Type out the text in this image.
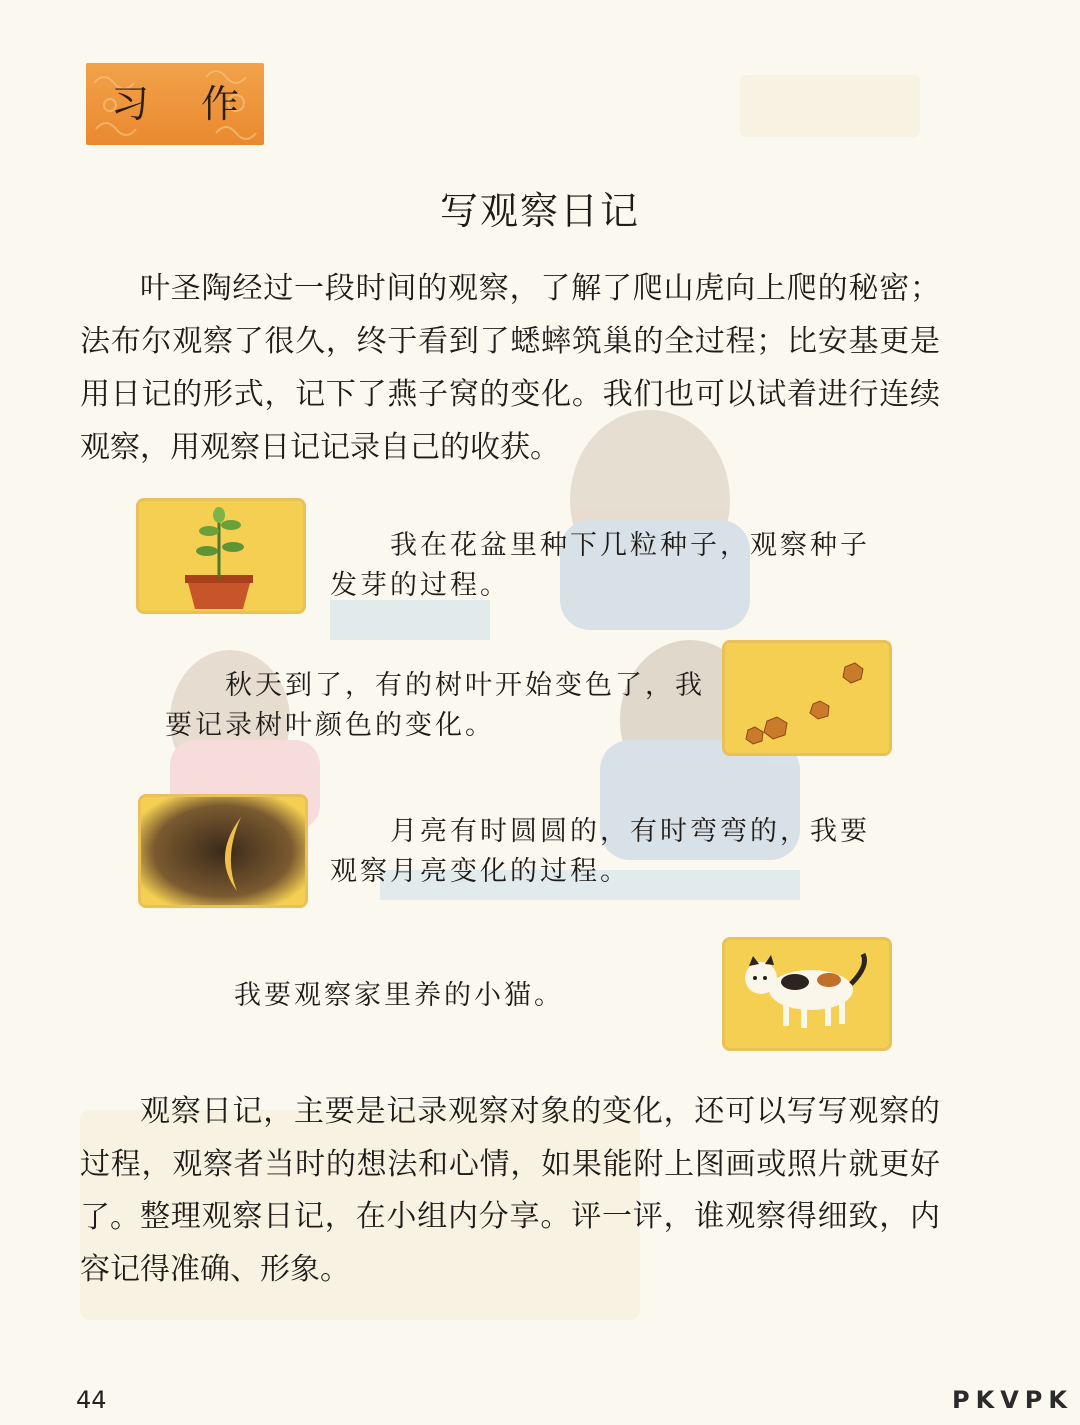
习 作
写观察日记
叶圣陶经过一段时间的观察，了解了爬山虎向上爬的秘密；法布尔观察了很久，终于看到了蟋蟀筑巢的全过程；比安基更是用日记的形式，记下了燕子窝的变化。我们也可以试着进行连续观察，用观察日记记录自己的收获。
我在花盆里种下几粒种子，观察种子发芽的过程。
秋天到了，有的树叶开始变色了，我要记录树叶颜色的变化。
月亮有时圆圆的，有时弯弯的，我要观察月亮变化的过程。
我要观察家里养的小猫。
观察日记，主要是记录观察对象的变化，还可以写写观察的过程，观察者当时的想法和心情，如果能附上图画或照片就更好了。 整理观察日记，在小组内分享。评一评，谁观察得细致，内容记得准确、形象。
44	PKVPK
